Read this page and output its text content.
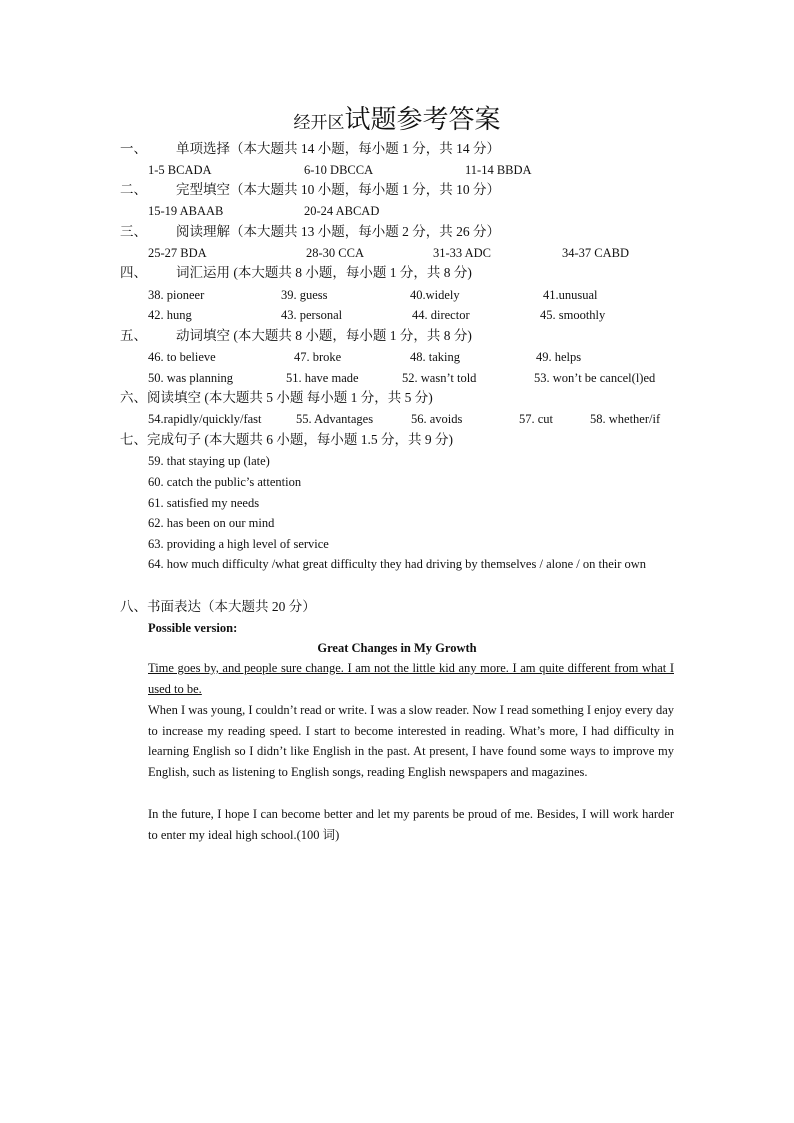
经开区试题参考答案
一、 单项选择（本大题共 14 小题，每小题 1 分，共 14 分）
1-5 BCADA	6-10 DBCCA	11-14 BBDA
二、 完型填空（本大题共 10 小题，每小题 1 分，共 10 分）
15-19 ABAAB	20-24 ABCAD
三、 阅读理解（本大题共 13 小题，每小题 2 分，共 26 分）
25-27 BDA	28-30 CCA	31-33 ADC	34-37 CABD
四、 词汇运用 (本大题共 8 小题，每小题 1 分，共 8 分)
38. pioneer	39. guess	40.widely	41.unusual
42. hung	43. personal	44. director	45. smoothly
五、 动词填空 (本大题共 8 小题，每小题 1 分，共 8 分)
46. to believe	47. broke	48. taking	49. helps
50. was planning	51. have made	52. wasn’t told	53. won’t be cancel(l)ed
六、阅读填空 (本大题共 5 小题 每小题 1 分，共 5 分)
54.rapidly/quickly/fast	55. Advantages	56. avoids	57. cut	58. whether/if
七、完成句子 (本大题共 6 小题，每小题 1.5 分，共 9 分)
59. that staying up (late)
60. catch the public’s attention
61. satisfied my needs
62. has been on our mind
63. providing a high level of service
64. how much difficulty /what great difficulty they had driving by themselves / alone / on their own
八、书面表达（本大题共 20 分）
Possible version:
Great Changes in My Growth
Time goes by, and people sure change. I am not the little kid any more. I am quite different from what I used to be.
When I was young, I couldn’t read or write. I was a slow reader. Now I read something I enjoy every day to increase my reading speed. I start to become interested in reading. What’s more, I had difficulty in learning English so I didn’t like English in the past. At present, I have found some ways to improve my English, such as listening to English songs, reading English newspapers and magazines.
In the future, I hope I can become better and let my parents be proud of me. Besides, I will work harder to enter my ideal high school.(100 词)
